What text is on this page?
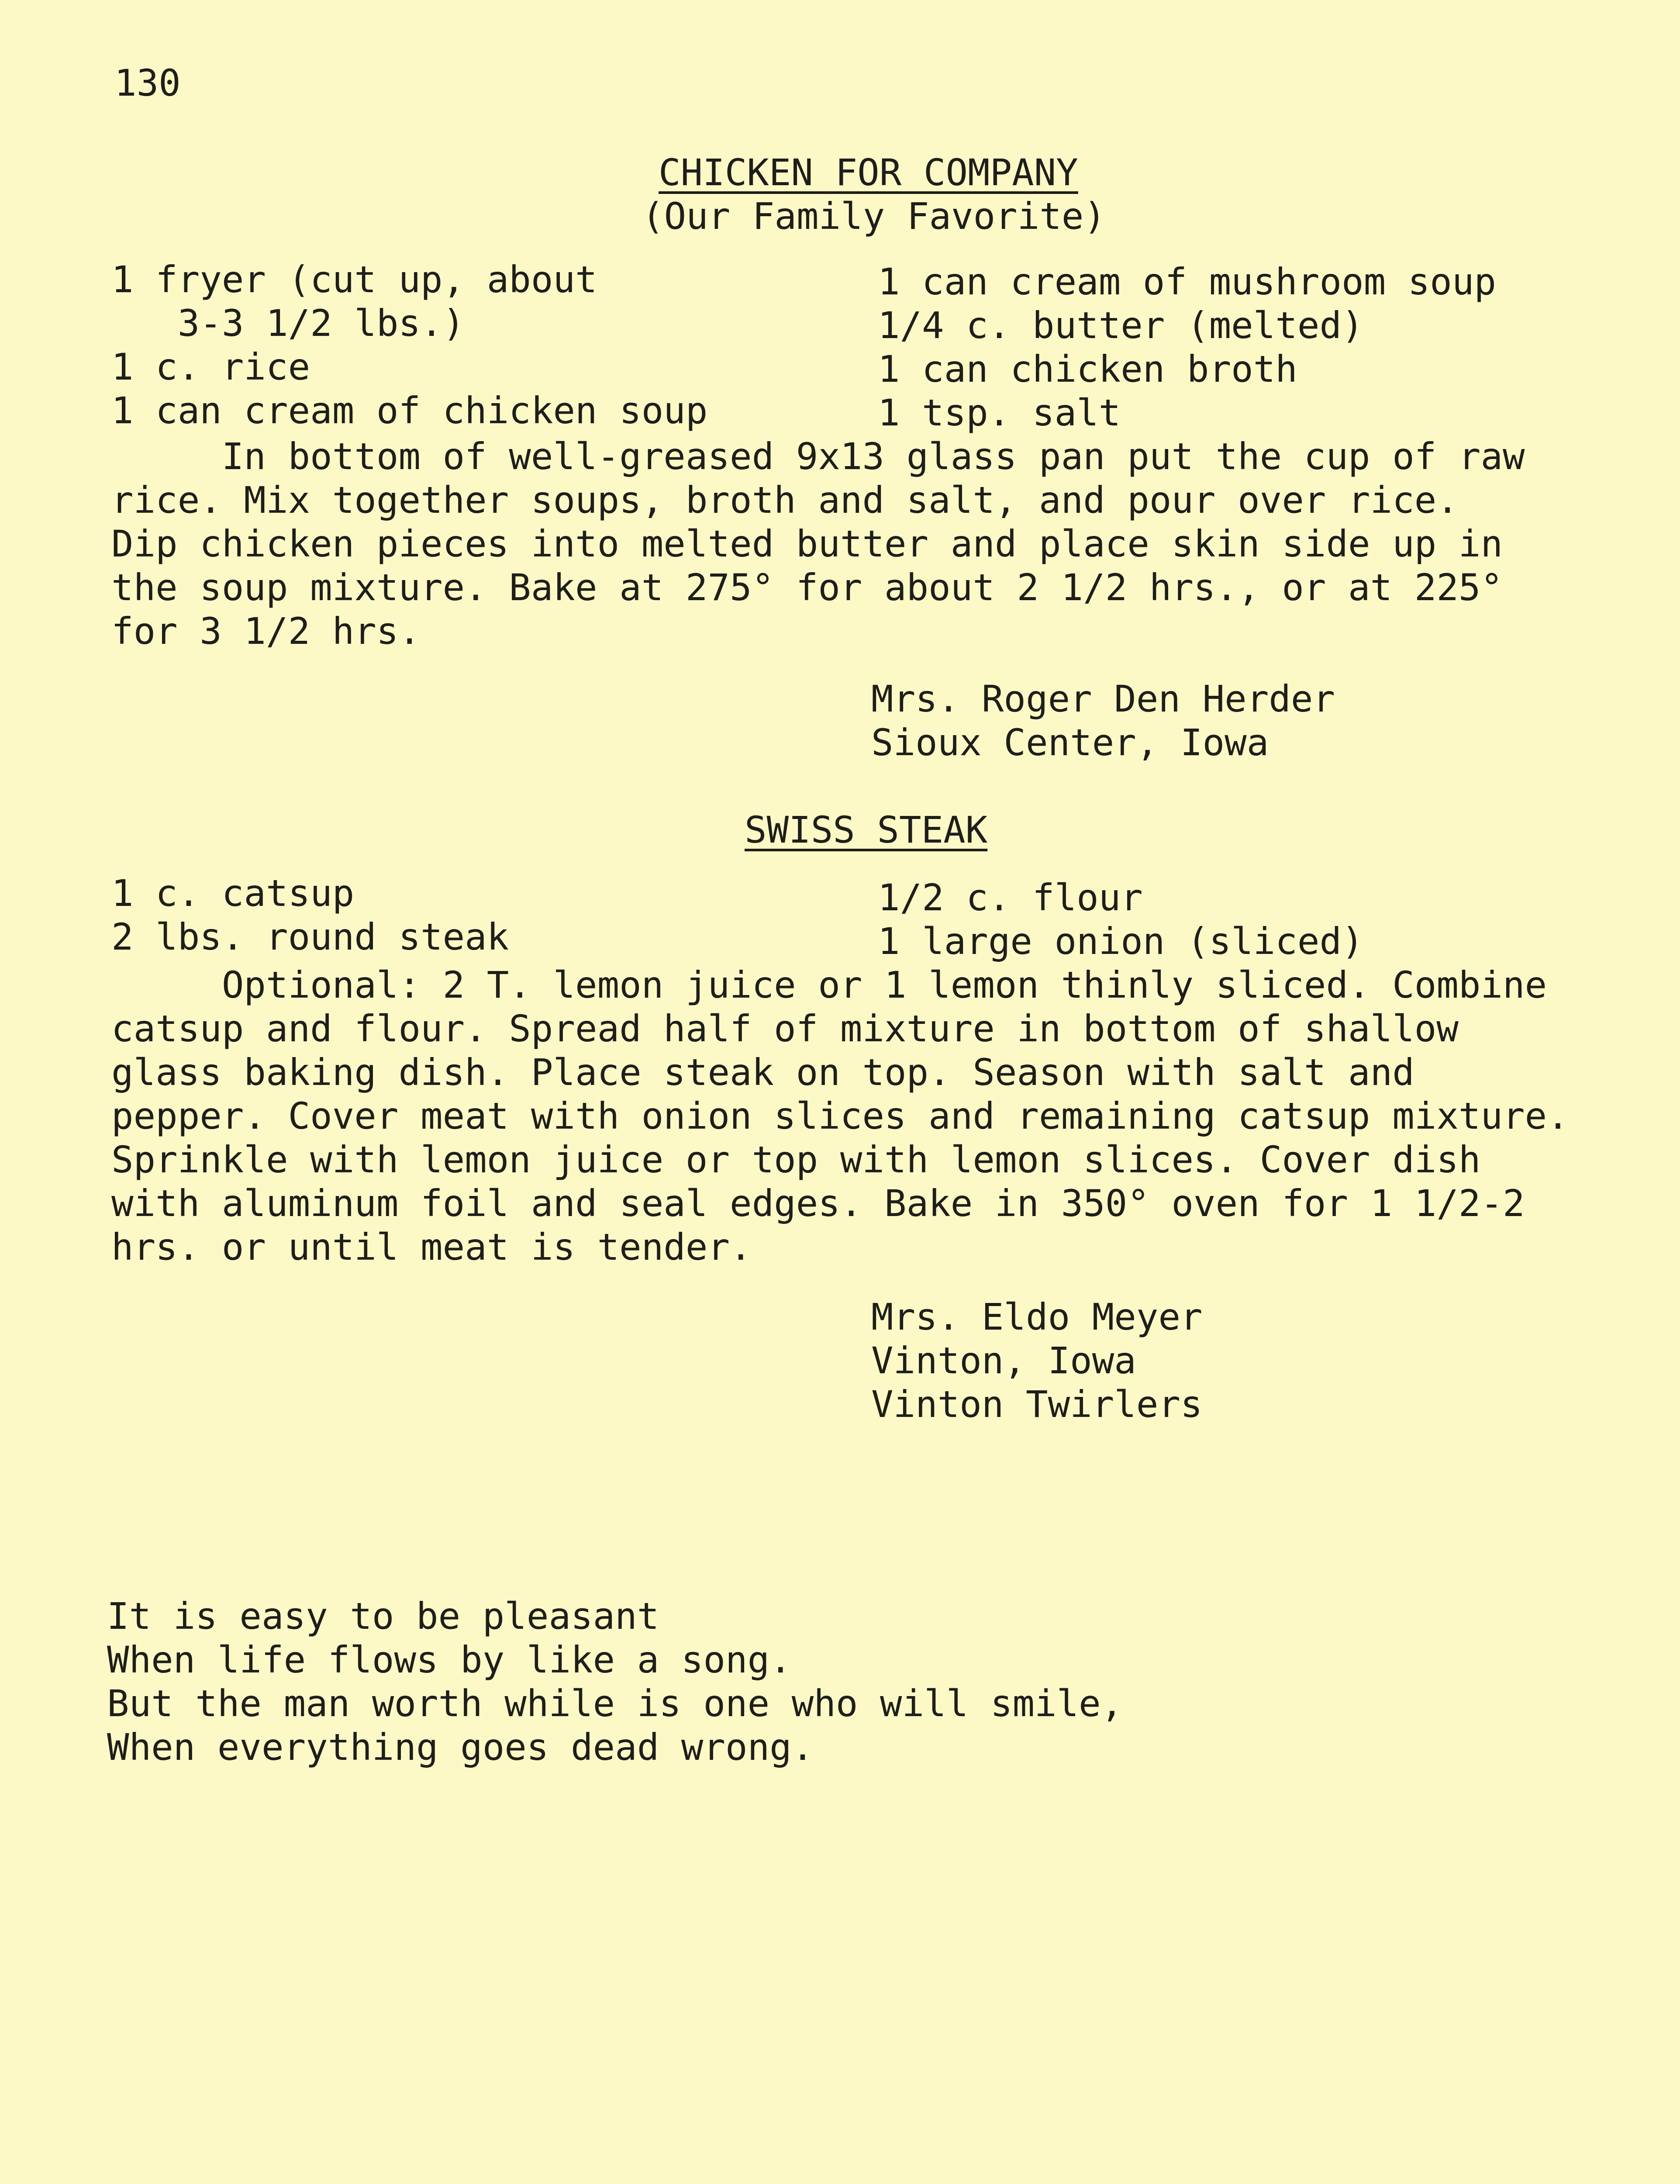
130

CHICKEN FOR COMPANY

(Our Family Favorite)

1 fryer (cut up, about

3-3 1/2 lbs.)

1 c. rice

1 can cream of chicken soup

1 can cream of mushroom soup

1/4 c. butter (melted)

1 can chicken broth

1 tsp. salt

In bottom of well-greased 9x13 glass pan put the cup of raw

rice. Mix together soups, broth and salt, and pour over rice.

Dip chicken pieces into melted butter and place skin side up in

the soup mixture. Bake at 275° for about 2 1/2 hrs., or at 225°

for 3 1/2 hrs.

Mrs. Roger Den Herder

Sioux Center, Iowa

SWISS STEAK

1 c. catsup

2 lbs. round steak

1/2 c. flour

1 large onion (sliced)

Optional: 2 T. lemon juice or 1 lemon thinly sliced. Combine

catsup and flour. Spread half of mixture in bottom of shallow

glass baking dish. Place steak on top. Season with salt and

pepper. Cover meat with onion slices and remaining catsup mixture.

Sprinkle with lemon juice or top with lemon slices. Cover dish

with aluminum foil and seal edges. Bake in 350° oven for 1 1/2-2

hrs. or until meat is tender.

Mrs. Eldo Meyer

Vinton, Iowa

Vinton Twirlers

It is easy to be pleasant

When life flows by like a song.

But the man worth while is one who will smile,

When everything goes dead wrong.
